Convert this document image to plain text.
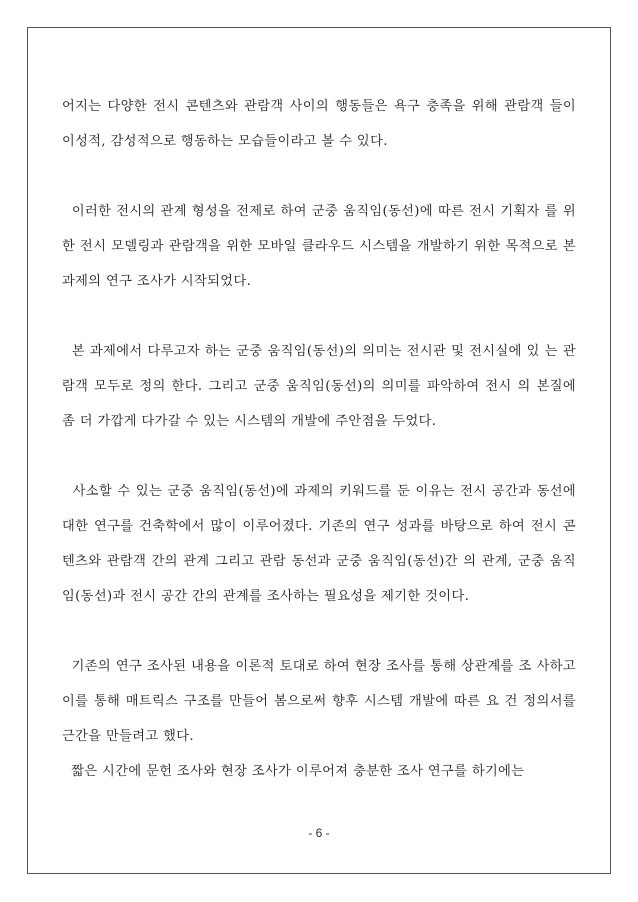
어지는 다양한 전시 콘텐츠와 관람객 사이의 행동들은 욕구 충족을 위해 관람객 들이 이성적, 감성적으로 행동하는 모습들이라고 볼 수 있다.

이러한 전시의 관계 형성을 전제로 하여 군중 움직임(동선)에 따른 전시 기획자 를 위한 전시 모델링과 관람객을 위한 모바일 클라우드 시스템을 개발하기 위한 목적으로 본 과제의 연구 조사가 시작되었다.

본 과제에서 다루고자 하는 군중 움직임(동선)의 의미는 전시관 및 전시실에 있 는 관람객 모두로 정의 한다. 그리고 군중 움직임(동선)의 의미를 파악하여 전시 의 본질에 좀 더 가깝게 다가갈 수 있는 시스템의 개발에 주안점을 두었다.

사소할 수 있는 군중 움직임(동선)에 과제의 키워드를 둔 이유는 전시 공간과 동선에 대한 연구를 건축학에서 많이 이루어졌다. 기존의 연구 성과를 바탕으로 하여 전시 콘텐츠와 관람객 간의 관계 그리고 관람 동선과 군중 움직임(동선)간 의 관계, 군중 움직임(동선)과 전시 공간 간의 관계를 조사하는 필요성을 제기한 것이다.

기존의 연구 조사된 내용을 이론적 토대로 하여 현장 조사를 통해 상관계를 조 사하고 이를 통해 매트릭스 구조를 만들어 봄으로써 향후 시스템 개발에 따른 요 건 정의서를 근간을 만들려고 했다.

짧은 시간에 문헌 조사와 현장 조사가 이루어져 충분한 조사 연구를 하기에는

- 6 -
